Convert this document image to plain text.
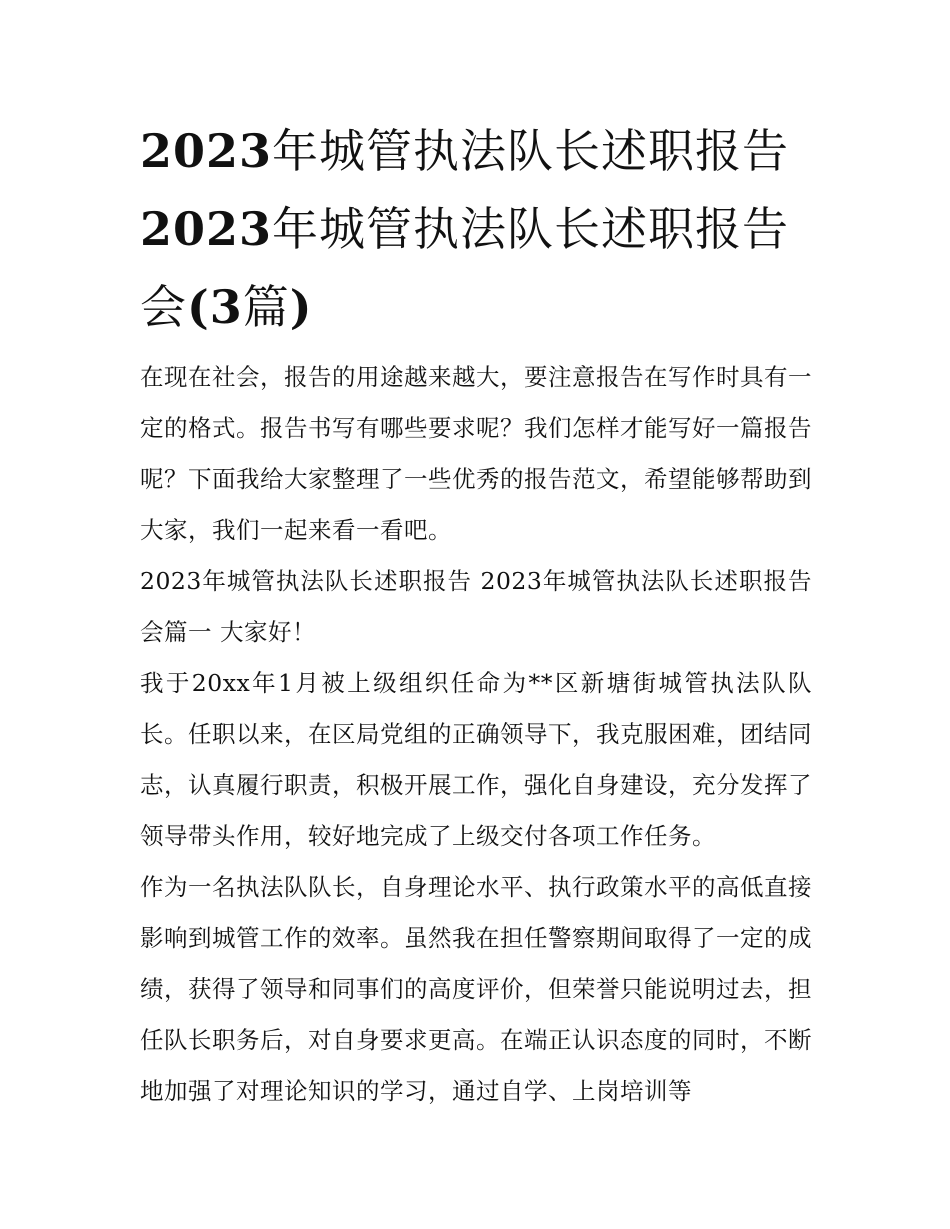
2023年城管执法队长述职报告
2023年城管执法队长述职报告
会(3篇)

在现在社会，报告的用途越来越大，要注意报告在写作时具有一定的格式。报告书写有哪些要求呢？我们怎样才能写好一篇报告呢？下面我给大家整理了一些优秀的报告范文，希望能够帮助到大家，我们一起来看一看吧。

2023年城管执法队长述职报告 2023年城管执法队长述职报告会篇一 大家好！

我于20xx年1月被上级组织任命为**区新塘街城管执法队队长。任职以来，在区局党组的正确领导下，我克服困难，团结同志，认真履行职责，积极开展工作，强化自身建设，充分发挥了领导带头作用，较好地完成了上级交付各项工作任务。

作为一名执法队队长，自身理论水平、执行政策水平的高低直接影响到城管工作的效率。虽然我在担任警察期间取得了一定的成绩，获得了领导和同事们的高度评价，但荣誉只能说明过去，担任队长职务后，对自身要求更高。在端正认识态度的同时，不断地加强了对理论知识的学习，通过自学、上岗培训等
